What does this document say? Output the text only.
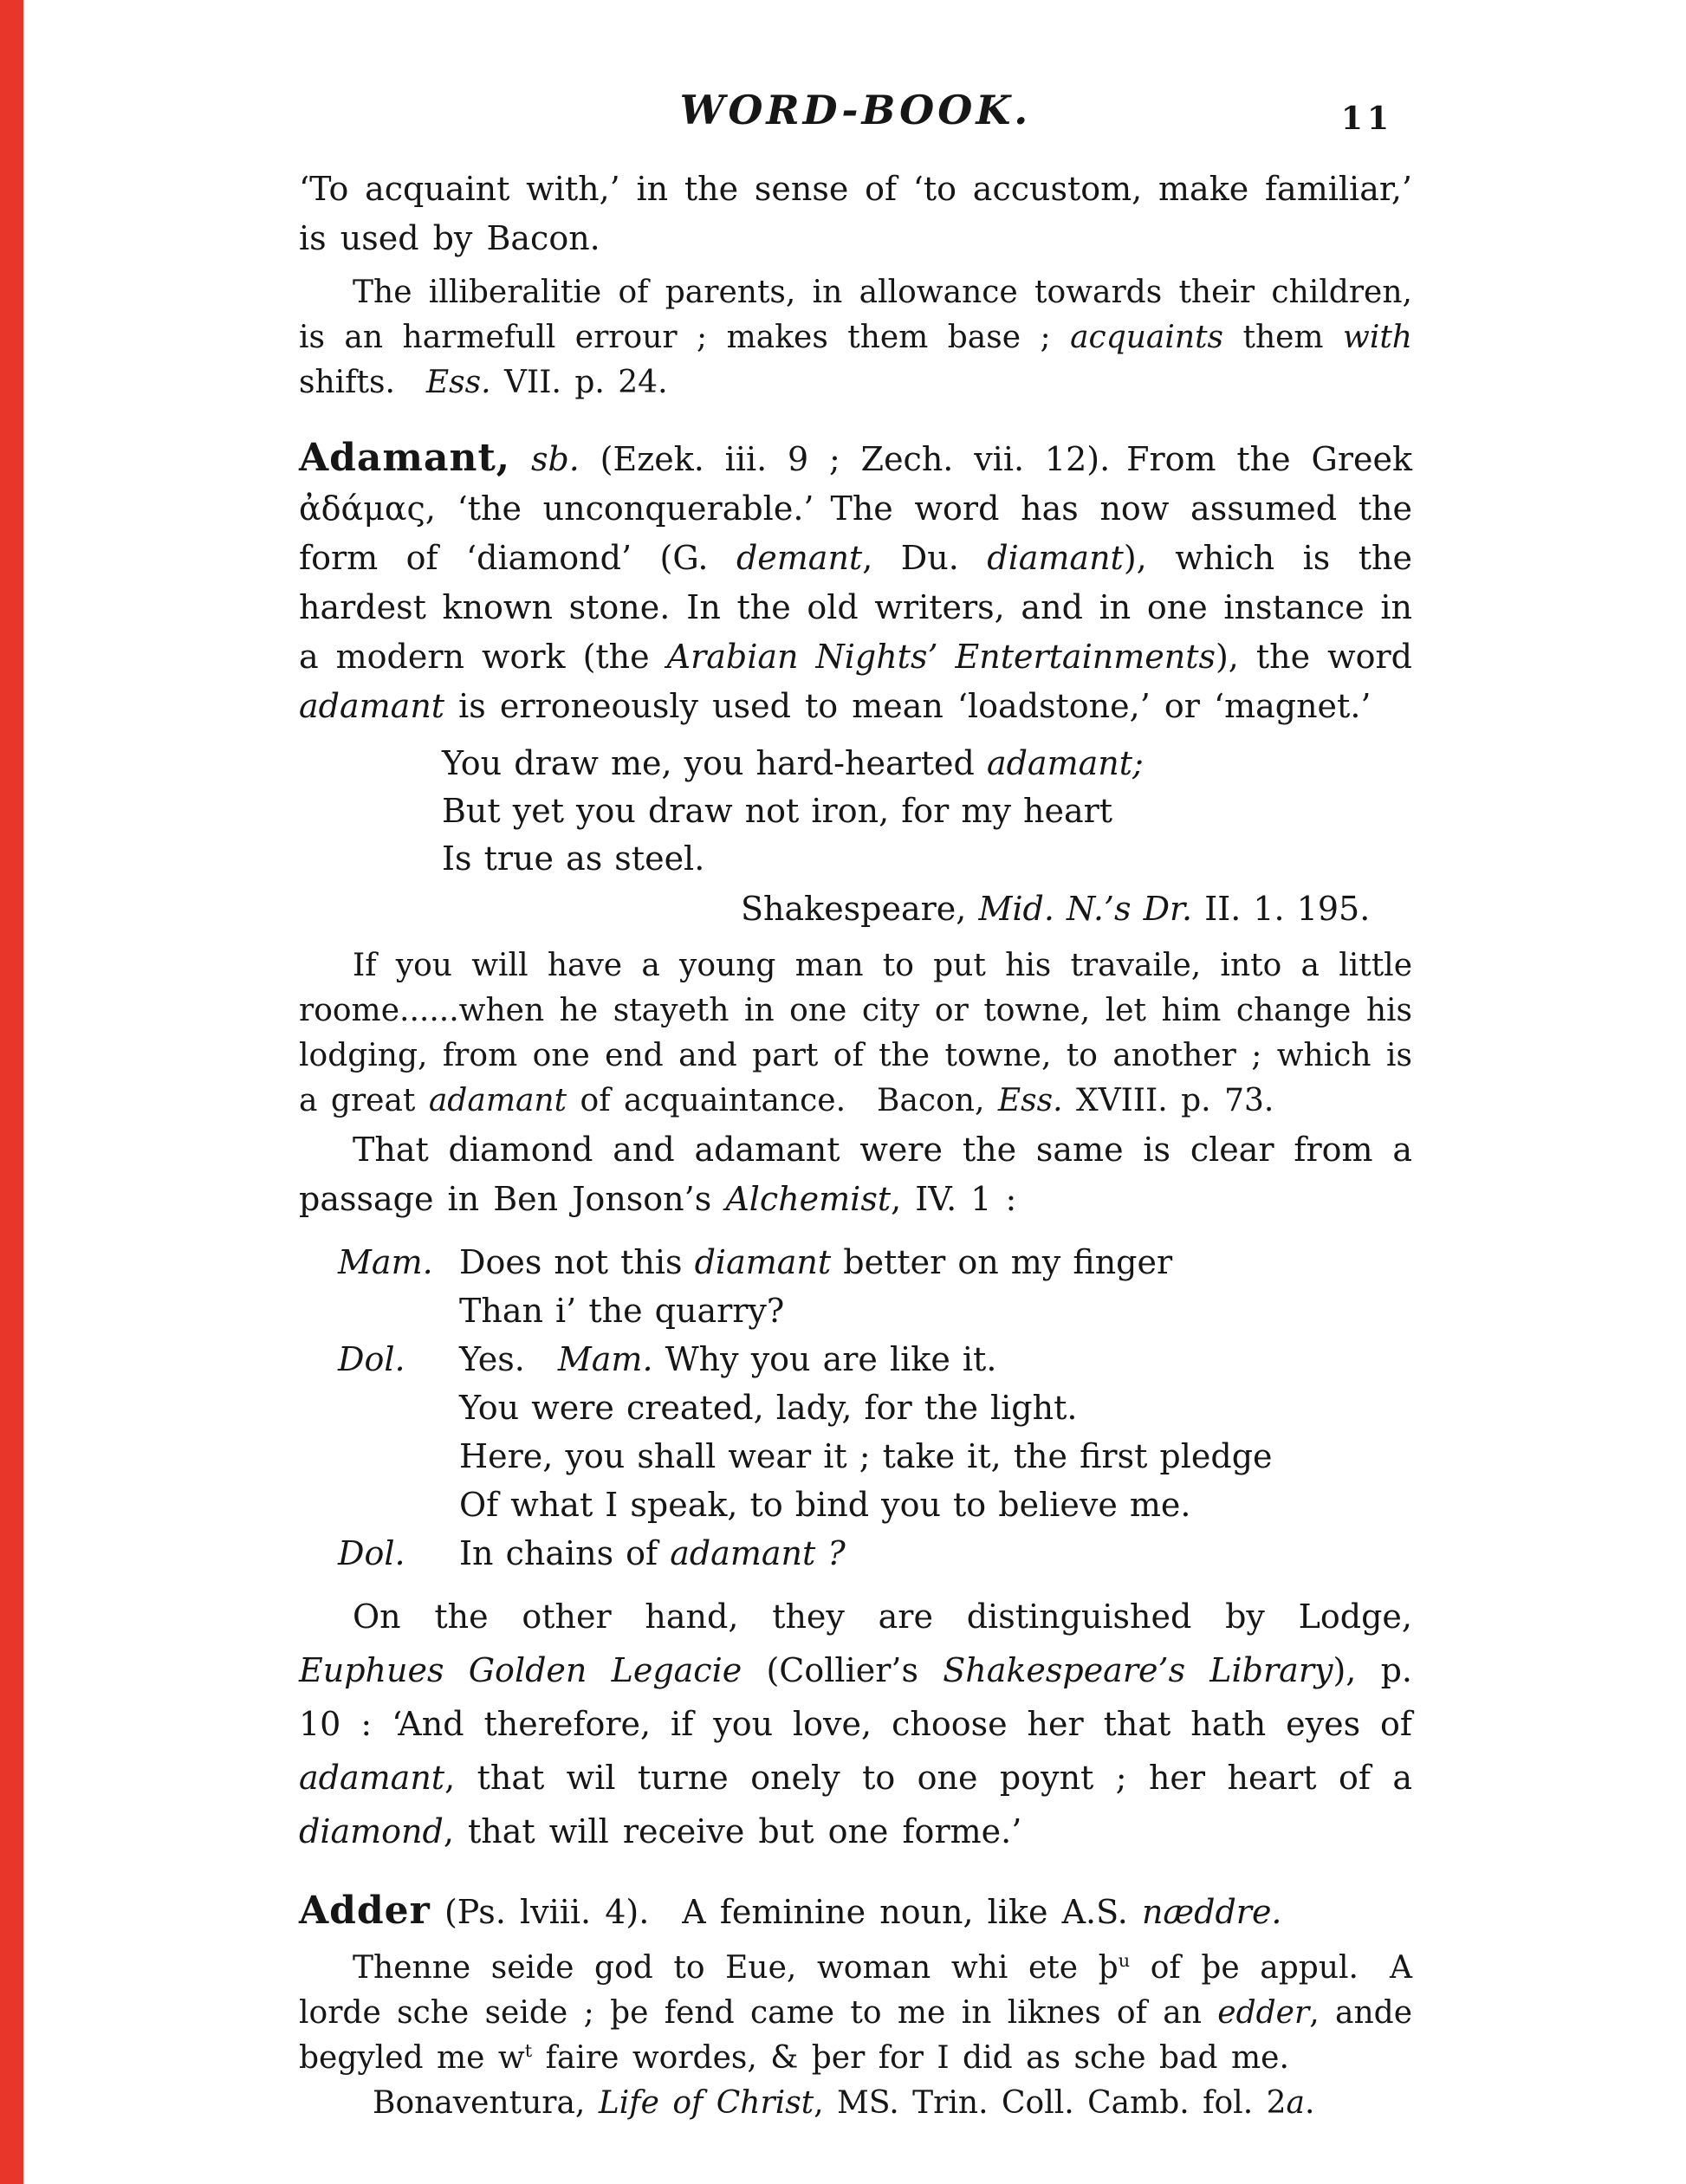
WORD-BOOK.	11
‘To acquaint with,’ in the sense of ‘to accustom, make familiar,’ is used by Bacon.
The illiberalitie of parents, in allowance towards their children, is an harmefull errour ; makes them base ; acquaints them with shifts.  Ess. VII. p. 24.
Adamant, sb. (Ezek. iii. 9 ; Zech. vii. 12). From the Greek ἀδάμας, ‘the unconquerable.’ The word has now assumed the form of ‘diamond’ (G. demant, Du. diamant), which is the hardest known stone. In the old writers, and in one instance in a modern work (the Arabian Nights’ Entertainments), the word adamant is erroneously used to mean ‘loadstone,’ or ‘magnet.’
You draw me, you hard-hearted adamant;
But yet you draw not iron, for my heart
Is true as steel.
Shakespeare, Mid. N.’s Dr. II. 1. 195.
If you will have a young man to put his travaile, into a little roome......when he stayeth in one city or towne, let him change his lodging, from one end and part of the towne, to another ; which is a great adamant of acquaintance.  Bacon, Ess. XVIII. p. 73.
That diamond and adamant were the same is clear from a passage in Ben Jonson’s Alchemist, IV. 1 :
Mam. Does not this diamant better on my finger
Than i’ the quarry?
Dol.	Yes.  Mam. Why you are like it.
You were created, lady, for the light.
Here, you shall wear it ; take it, the first pledge
Of what I speak, to bind you to believe me.
Dol.	In chains of adamant ?
On the other hand, they are distinguished by Lodge, Euphues Golden Legacie (Collier’s Shakespeare’s Library), p. 10 : ‘And therefore, if you love, choose her that hath eyes of adamant, that wil turne onely to one poynt ; her heart of a diamond, that will receive but one forme.’
Adder (Ps. lviii. 4).  A feminine noun, like A.S. næddre.
Thenne seide god to Eue, woman whi ete $þ^u$ of þe appul.  A lorde sche seide ; þe fend came to me in liknes of an edder, ande begyled me $w^t$ faire wordes, & þer for I did as sche bad me.
Bonaventura, Life of Christ, MS. Trin. Coll. Camb. fol. 2a.
